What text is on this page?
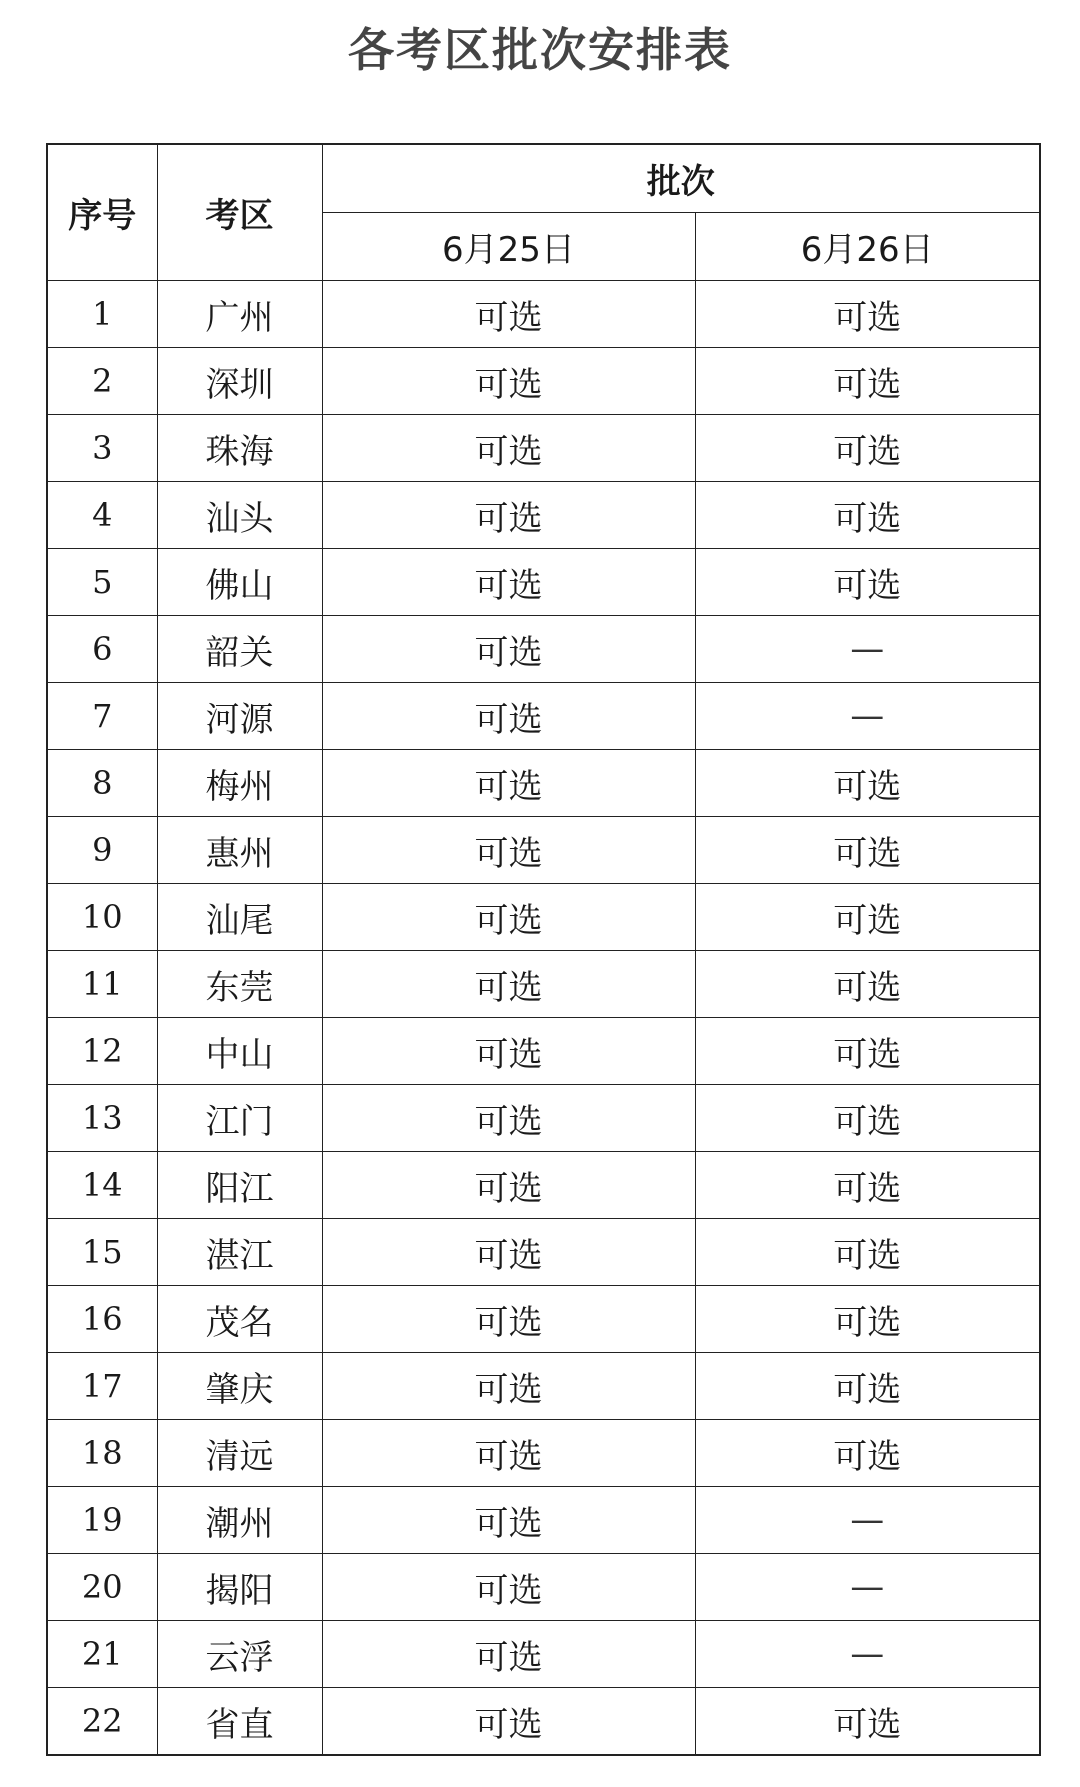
各考区批次安排表
序号	考区	批次	
		6月25日	6月26日
1	广州	可选	可选
2	深圳	可选	可选
3	珠海	可选	可选
4	汕头	可选	可选
5	佛山	可选	可选
6	韶关	可选	—
7	河源	可选	—
8	梅州	可选	可选
9	惠州	可选	可选
10	汕尾	可选	可选
11	东莞	可选	可选
12	中山	可选	可选
13	江门	可选	可选
14	阳江	可选	可选
15	湛江	可选	可选
16	茂名	可选	可选
17	肇庆	可选	可选
18	清远	可选	可选
19	潮州	可选	—
20	揭阳	可选	—
21	云浮	可选	—
22	省直	可选	可选
